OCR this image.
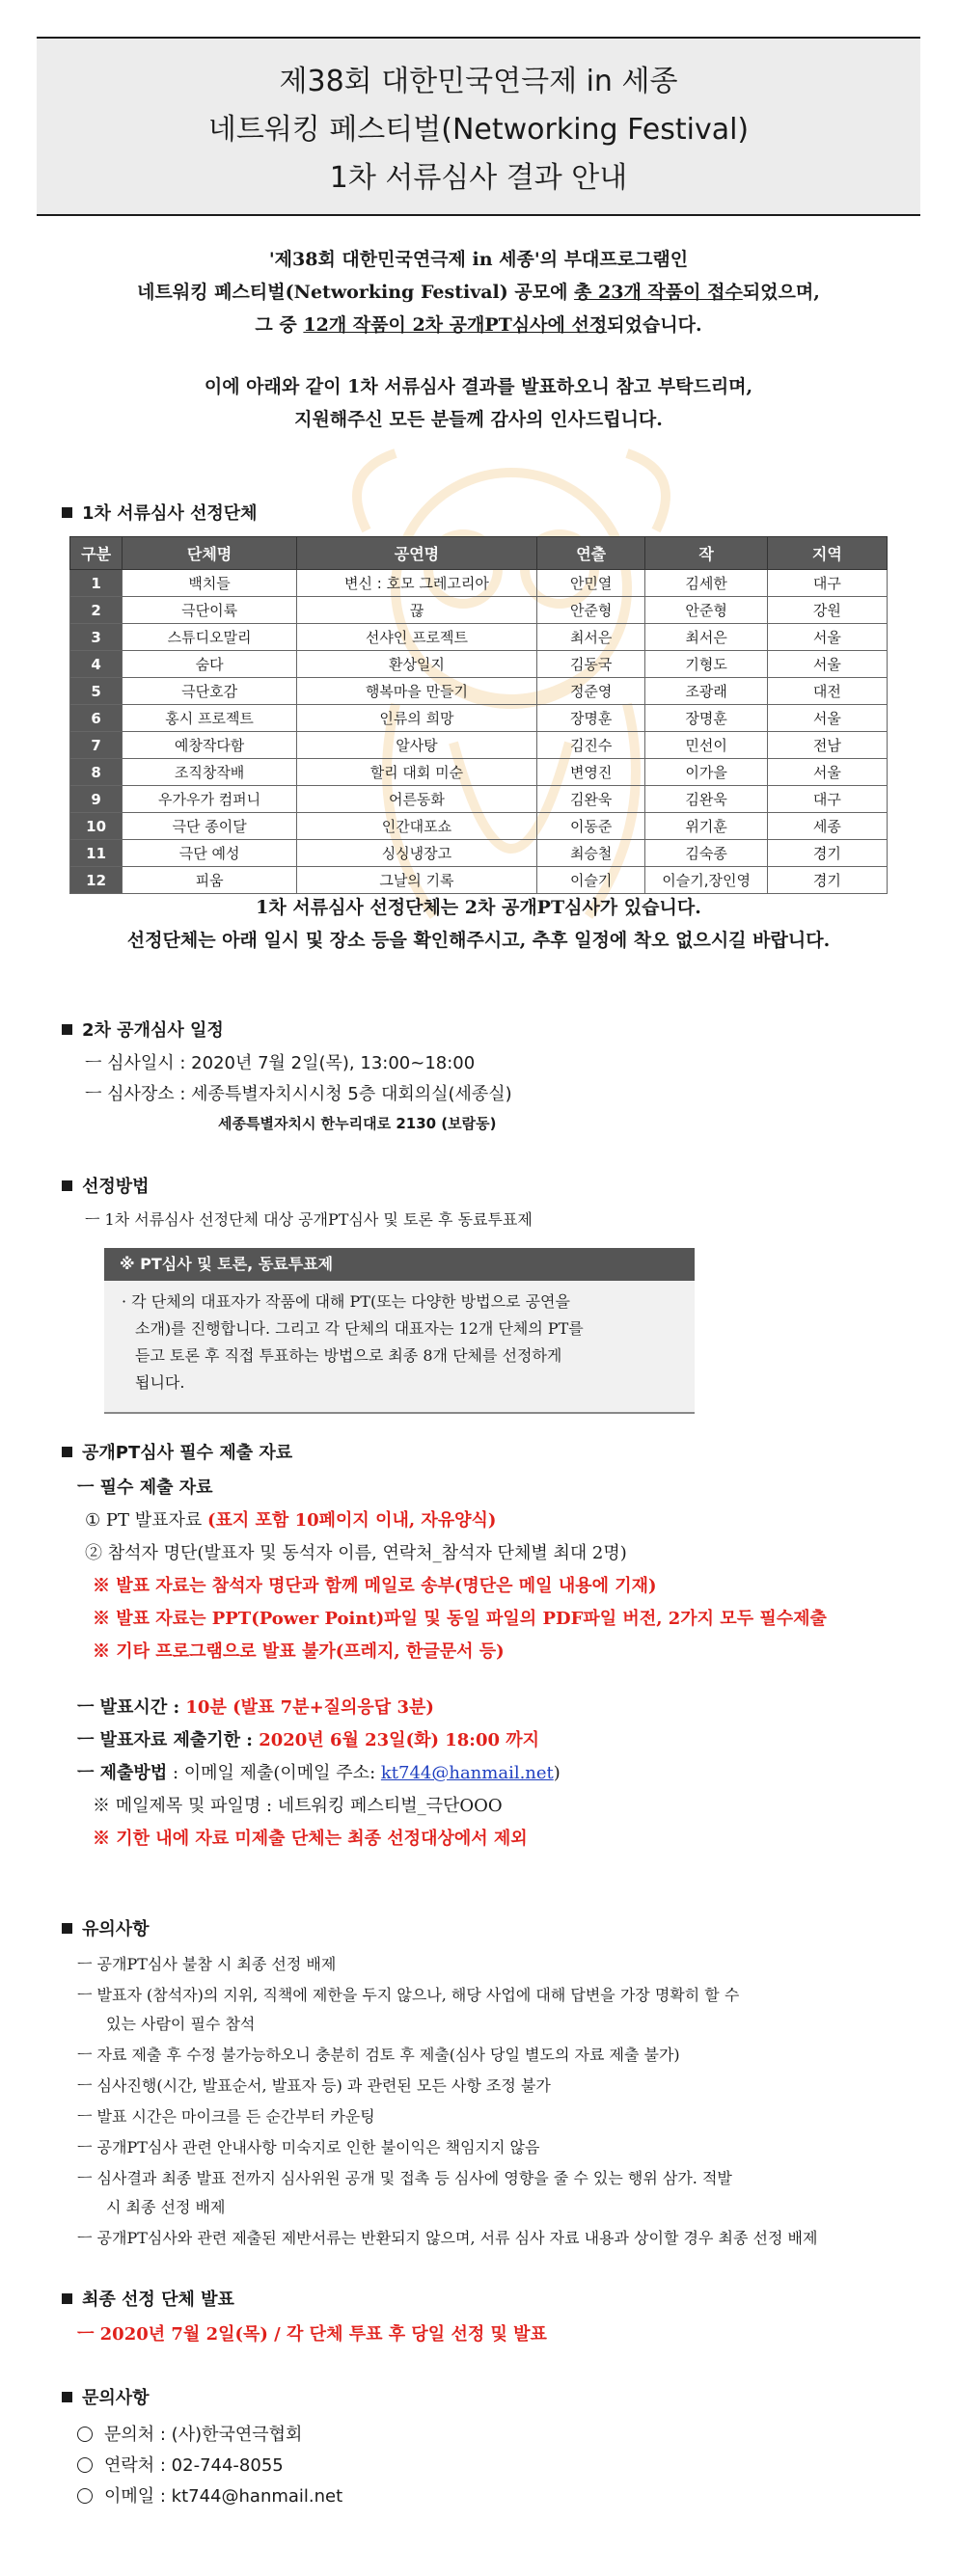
제38회 대한민국연극제 in 세종
네트워킹 페스티벌(Networking Festival)
1차 서류심사 결과 안내
'제38회 대한민국연극제 in 세종'의 부대프로그램인
네트워킹 페스티벌(Networking Festival) 공모에 총 23개 작품이 접수되었으며,
그 중 12개 작품이 2차 공개PT심사에 선정되었습니다.
이에 아래와 같이 1차 서류심사 결과를 발표하오니 참고 부탁드리며,
지원해주신 모든 분들께 감사의 인사드립니다.
1차 서류심사 선정단체
구분	단체명	공연명	연출	작	지역
1	백치들	변신 : 호모 그레고리아	안민열	김세한	대구
2	극단이륙	끊	안준형	안준형	강원
3	스튜디오말리	선샤인 프로젝트	최서은	최서은	서울
4	숨다	환상일지	김동국	기형도	서울
5	극단호감	행복마을 만들기	정준영	조광래	대전
6	홍시 프로젝트	인류의 희망	장명훈	장명훈	서울
7	예창작다함	알사탕	김진수	민선이	전남
8	조직창작배	할리 대회 미순	변영진	이가을	서울
9	우가우가 컴퍼니	어른동화	김완욱	김완욱	대구
10	극단 종이달	인간대포쇼	이동준	위기훈	세종
11	극단 예성	싱싱냉장고	최승철	김숙종	경기
12	피움	그날의 기록	이슬기	이슬기,장인영	경기
1차 서류심사 선정단체는 2차 공개PT심사가 있습니다.
선정단체는 아래 일시 및 장소 등을 확인해주시고, 추후 일정에 착오 없으시길 바랍니다.
2차 공개심사 일정
ㅡ 심사일시 : 2020년 7월 2일(목), 13:00~18:00
ㅡ 심사장소 : 세종특별자치시시청 5층 대회의실(세종실)
세종특별자치시 한누리대로 2130 (보람동)
선정방법
ㅡ 1차 서류심사 선정단체 대상 공개PT심사 및 토론 후 동료투표제
※ PT심사 및 토론, 동료투표제
· 각 단체의 대표자가 작품에 대해 PT(또는 다양한 방법으로 공연을
소개)를 진행합니다. 그리고 각 단체의 대표자는 12개 단체의 PT를
듣고 토론 후 직접 투표하는 방법으로 최종 8개 단체를 선정하게
됩니다.
공개PT심사 필수 제출 자료
ㅡ 필수 제출 자료
① PT 발표자료 (표지 포함 10페이지 이내, 자유양식)
② 참석자 명단(발표자 및 동석자 이름, 연락처_참석자 단체별 최대 2명)
※ 발표 자료는 참석자 명단과 함께 메일로 송부(명단은 메일 내용에 기재)
※ 발표 자료는 PPT(Power Point)파일 및 동일 파일의 PDF파일 버전, 2가지 모두 필수제출
※ 기타 프로그램으로 발표 불가(프레지, 한글문서 등)
ㅡ 발표시간 : 10분 (발표 7분+질의응답 3분)
ㅡ 발표자료 제출기한 : 2020년 6월 23일(화) 18:00 까지
ㅡ 제출방법 : 이메일 제출(이메일 주소: kt744@hanmail.net)
※ 메일제목 및 파일명 : 네트워킹 페스티벌_극단OOO
※ 기한 내에 자료 미제출 단체는 최종 선정대상에서 제외
유의사항
ㅡ 공개PT심사 불참 시 최종 선정 배제
ㅡ 발표자 (참석자)의 지위, 직책에 제한을 두지 않으나, 해당 사업에 대해 답변을 가장 명확히 할 수
있는 사람이 필수 참석
ㅡ 자료 제출 후 수정 불가능하오니 충분히 검토 후 제출(심사 당일 별도의 자료 제출 불가)
ㅡ 심사진행(시간, 발표순서, 발표자 등) 과 관련된 모든 사항 조정 불가
ㅡ 발표 시간은 마이크를 든 순간부터 카운팅
ㅡ 공개PT심사 관련 안내사항 미숙지로 인한 불이익은 책임지지 않음
ㅡ 심사결과 최종 발표 전까지 심사위원 공개 및 접촉 등 심사에 영향을 줄 수 있는 행위 삼가. 적발
시 최종 선정 배제
ㅡ 공개PT심사와 관련 제출된 제반서류는 반환되지 않으며, 서류 심사 자료 내용과 상이할 경우 최종 선정 배제
최종 선정 단체 발표
ㅡ 2020년 7월 2일(목) / 각 단체 투표 후 당일 선정 및 발표
문의사항
문의처 : (사)한국연극협회
연락처 : 02-744-8055
이메일 : kt744@hanmail.net
